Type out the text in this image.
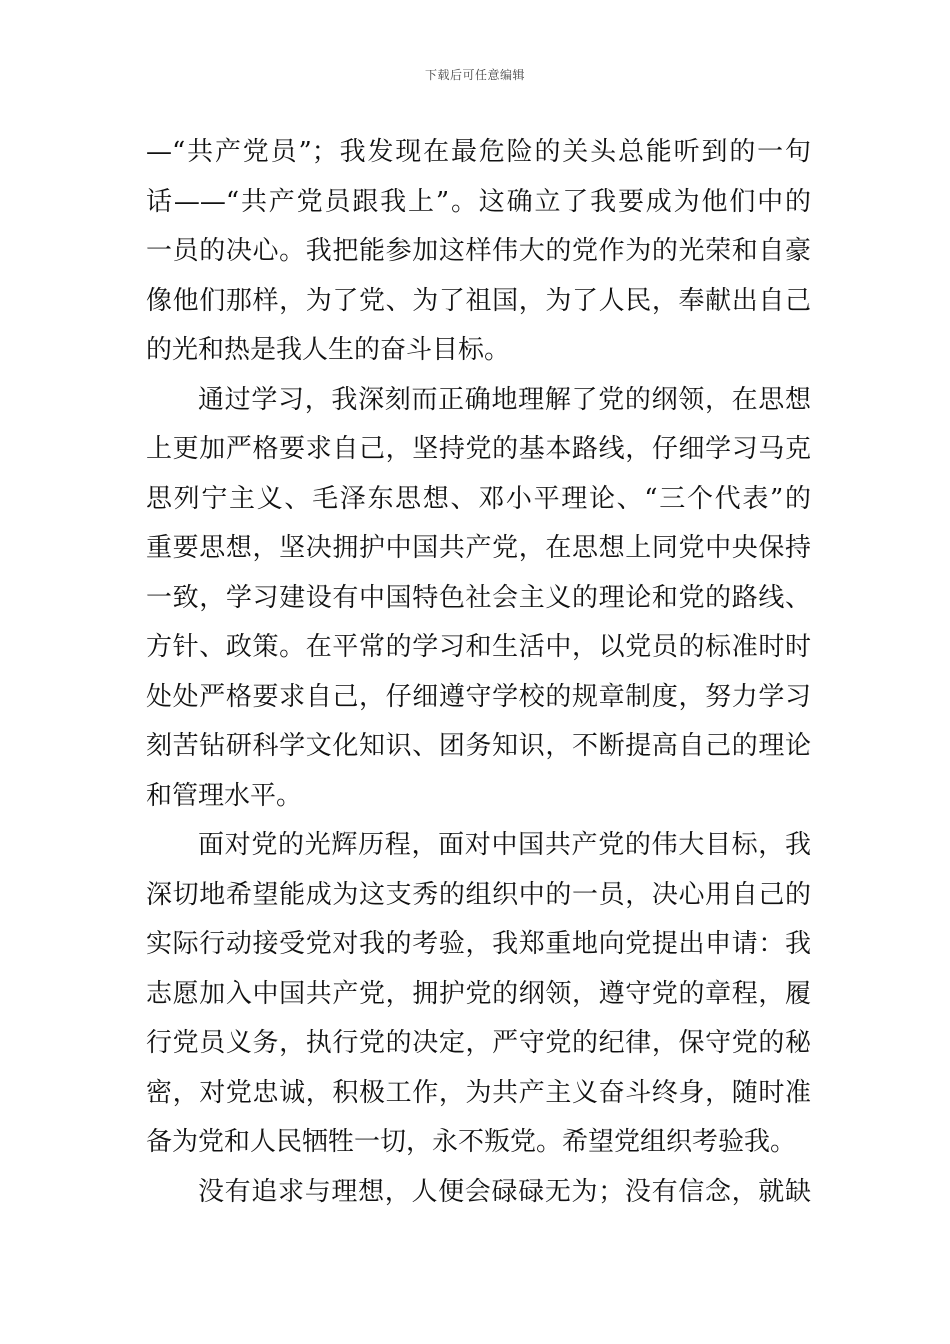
下载后可任意编辑
—“共产党员”；我发现在最危险的关头总能听到的一句
话——“共产党员跟我上”。这确立了我要成为他们中的
一员的决心。我把能参加这样伟大的党作为的光荣和自豪
像他们那样，为了党、为了祖国，为了人民，奉献出自己
的光和热是我人生的奋斗目标。
通过学习，我深刻而正确地理解了党的纲领，在思想
上更加严格要求自己，坚持党的基本路线，仔细学习马克
思列宁主义、毛泽东思想、邓小平理论、“三个代表”的
重要思想，坚决拥护中国共产党，在思想上同党中央保持
一致，学习建设有中国特色社会主义的理论和党的路线、
方针、政策。在平常的学习和生活中，以党员的标准时时
处处严格要求自己，仔细遵守学校的规章制度，努力学习
刻苦钻研科学文化知识、团务知识，不断提高自己的理论
和管理水平。
面对党的光辉历程，面对中国共产党的伟大目标，我
深切地希望能成为这支秀的组织中的一员，决心用自己的
实际行动接受党对我的考验，我郑重地向党提出申请：我
志愿加入中国共产党，拥护党的纲领，遵守党的章程，履
行党员义务，执行党的决定，严守党的纪律，保守党的秘
密，对党忠诚，积极工作，为共产主义奋斗终身，随时准
备为党和人民牺牲一切，永不叛党。希望党组织考验我。
没有追求与理想，人便会碌碌无为；没有信念，就缺
